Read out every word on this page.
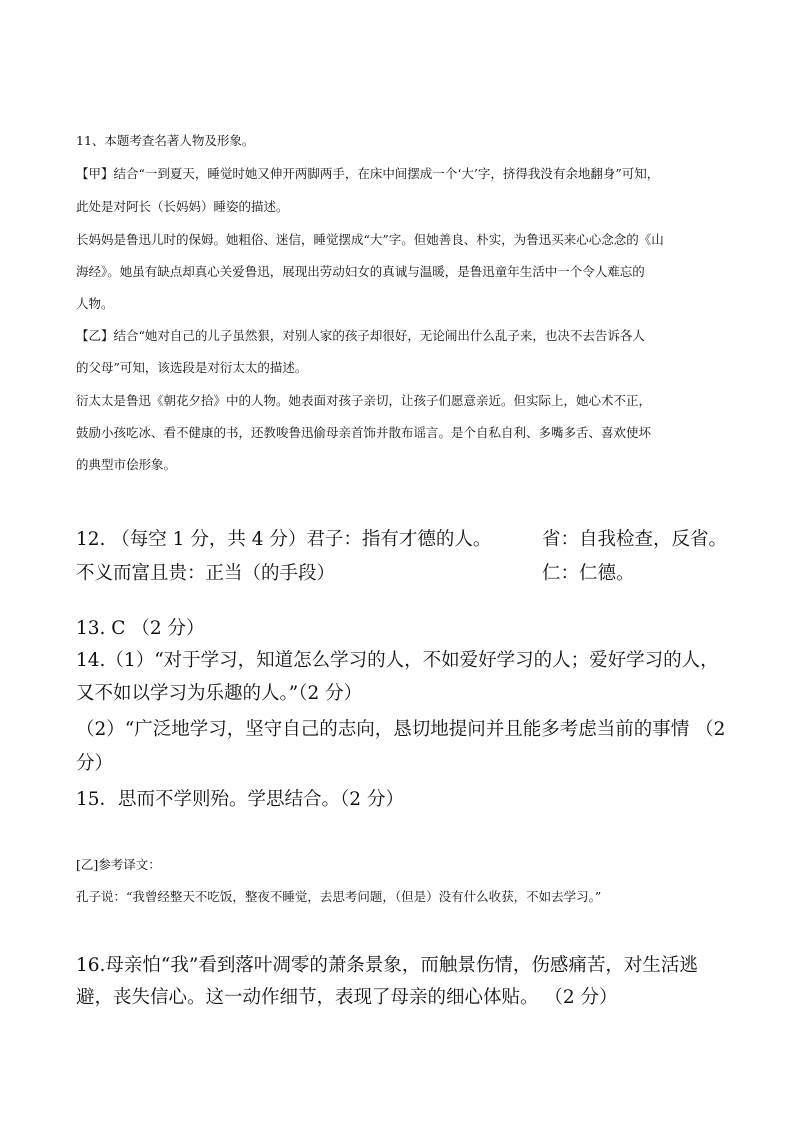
11、本题考查名著人物及形象。
【甲】结合“一到夏天，睡觉时她又伸开两脚两手，在床中间摆成一个‘大’字，挤得我没有余地翻身”可知，
此处是对阿长（长妈妈）睡姿的描述。
长妈妈是鲁迅儿时的保姆。她粗俗、迷信，睡觉摆成“大”字。但她善良、朴实，为鲁迅买来心心念念的《山
海经》。她虽有缺点却真心关爱鲁迅，展现出劳动妇女的真诚与温暖，是鲁迅童年生活中一个令人难忘的
人物。
【乙】结合“她对自己的儿子虽然狠，对别人家的孩子却很好，无论闹出什么乱子来，也决不去告诉各人
的父母”可知，该选段是对衍太太的描述。
衍太太是鲁迅《朝花夕拾》中的人物。她表面对孩子亲切，让孩子们愿意亲近。但实际上，她心术不正，
鼓励小孩吃冰、看不健康的书，还教唆鲁迅偷母亲首饰并散布谣言。是个自私自利、多嘴多舌、喜欢使坏
的典型市侩形象。
12. （每空 1 分，共 4 分）君子：指有才德的人。	省：自我检查，反省。
不义而富且贵：正当（的手段）	仁：仁德。
13. C （2 分）
14.（1）“对于学习，知道怎么学习的人，不如爱好学习的人；爱好学习的人，
又不如以学习为乐趣的人。”（2 分）
（2）“广泛地学习，坚守自己的志向，恳切地提问并且能多考虑当前的事情 （2
分）
15．思而不学则殆。学思结合。（2 分）
[乙]参考译文：
孔子说：“我曾经整天不吃饭，整夜不睡觉，去思考问题，（但是）没有什么收获，不如去学习。”
16.母亲怕“我”看到落叶凋零的萧条景象，而触景伤情，伤感痛苦，对生活逃
避，丧失信心。这一动作细节，表现了母亲的细心体贴。 （2 分）
